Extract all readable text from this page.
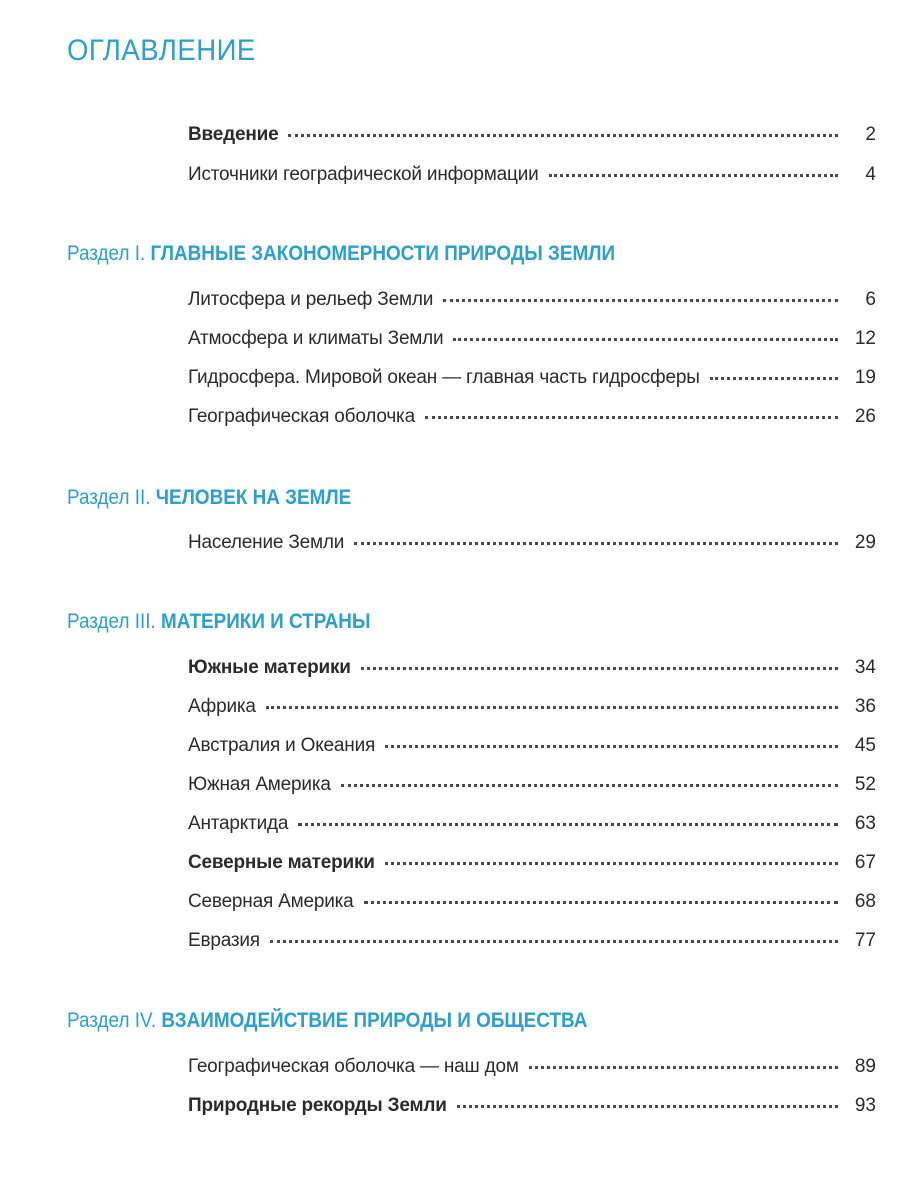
ОГЛАВЛЕНИЕ
Введение	2
Источники географической информации	4
Раздел I. ГЛАВНЫЕ ЗАКОНОМЕРНОСТИ ПРИРОДЫ ЗЕМЛИ
Литосфера и рельеф Земли	6
Атмосфера и климаты Земли	12
Гидросфера. Мировой океан — главная часть гидросферы	19
Географическая оболочка	26
Раздел II. ЧЕЛОВЕК НА ЗЕМЛЕ
Население Земли	29
Раздел III. МАТЕРИКИ И СТРАНЫ
Южные материки	34
Африка	36
Австралия и Океания	45
Южная Америка	52
Антарктида	63
Северные материки	67
Северная Америка	68
Евразия	77
Раздел IV. ВЗАИМОДЕЙСТВИЕ ПРИРОДЫ И ОБЩЕСТВА
Географическая оболочка — наш дом	89
Природные рекорды Земли	93
